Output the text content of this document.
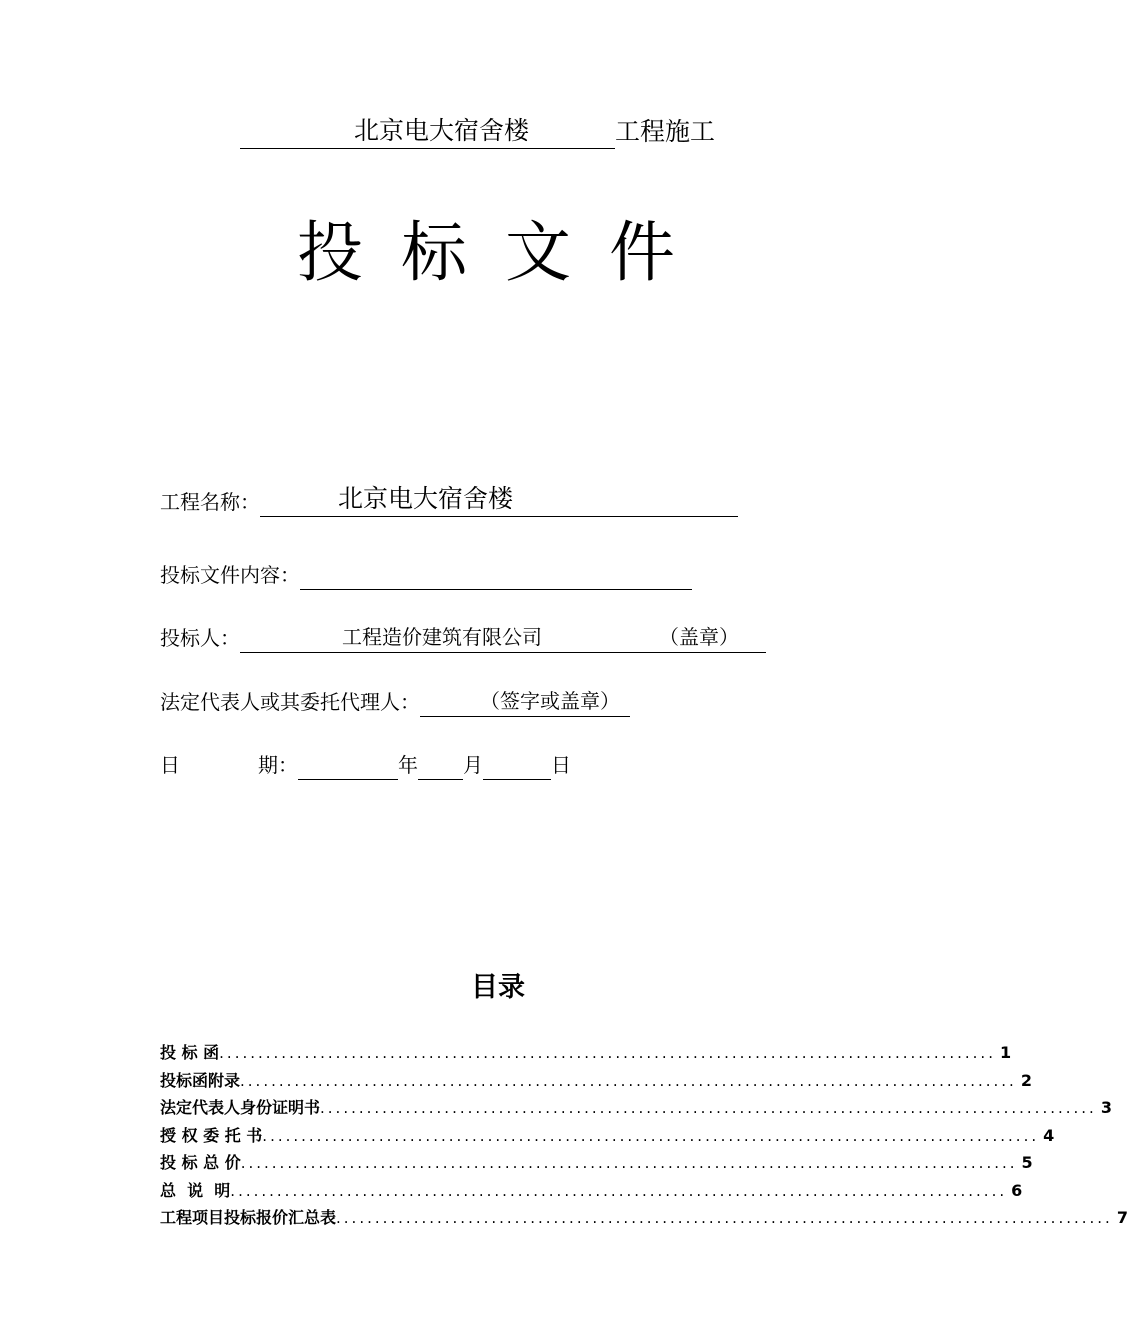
北京电大宿舍楼	工程施工
投标文件
工程名称：	北京电大宿舍楼
投标文件内容：
投标人：	工程造价建筑有限公司	（盖章）
法定代表人或其委托代理人：	（签字或盖章）
日	期：	年 月	日
目录
投 标 函 .................................................................................................... 1
投标函附录 .................................................................................................... 2
法定代表人身份证明书 .................................................................................................... 3
授 权 委 托 书 .................................................................................................... 4
投 标 总 价 .................................................................................................... 5
总  说  明 .................................................................................................... 6
工程项目投标报价汇总表 .................................................................................................... 7
